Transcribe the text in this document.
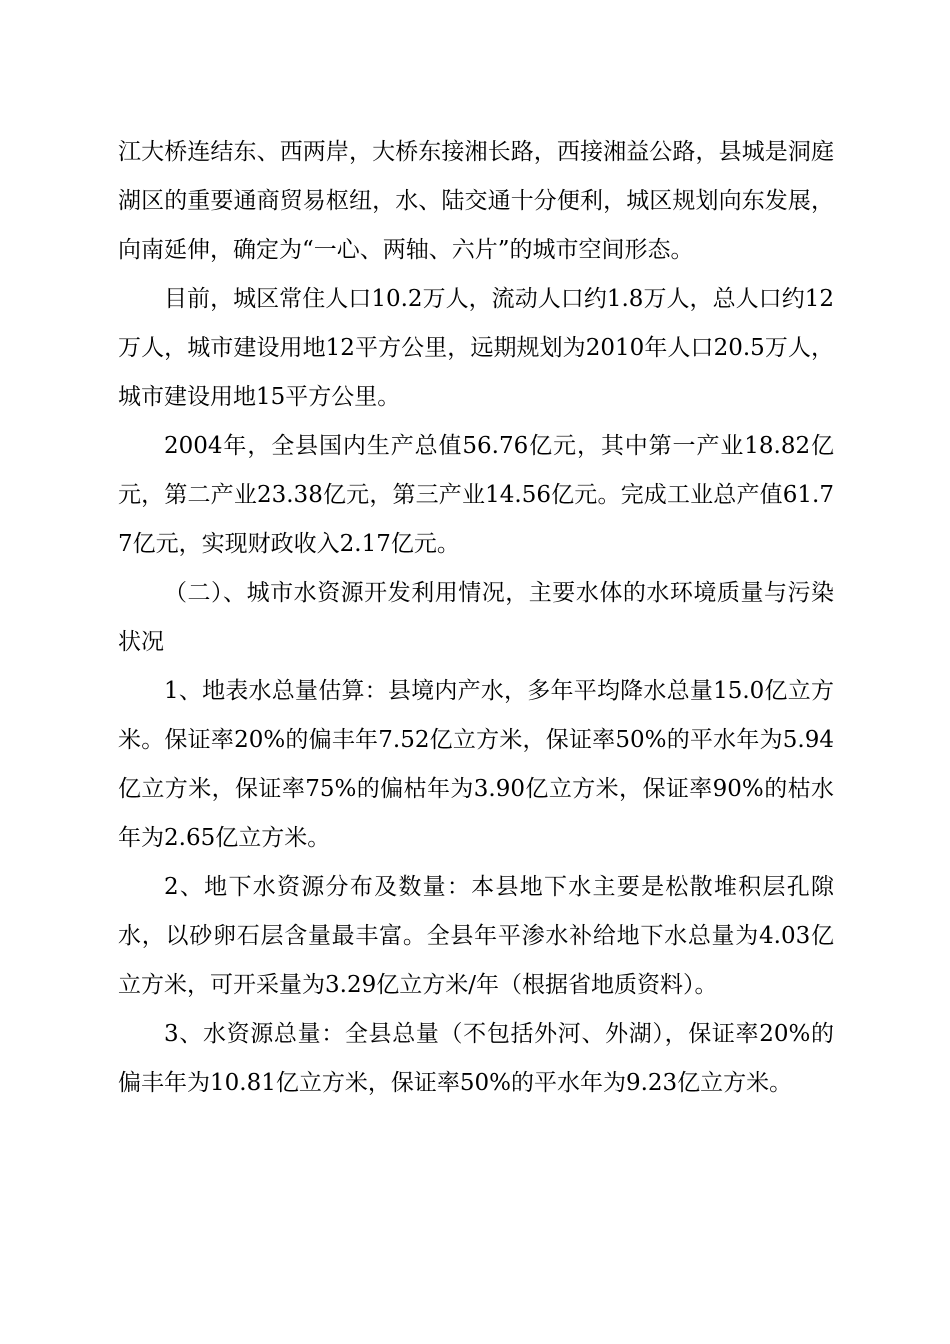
江大桥连结东、西两岸，大桥东接湘长路，西接湘益公路，县城是洞庭湖区的重要通商贸易枢纽，水、陆交通十分便利，城区规划向东发展，向南延伸，确定为“一心、两轴、六片”的城市空间形态。

目前，城区常住人口10.2万人，流动人口约1.8万人，总人口约12万人，城市建设用地12平方公里，远期规划为2010年人口20.5万人，城市建设用地15平方公里。

2004年，全县国内生产总值56.76亿元，其中第一产业18.82亿元，第二产业23.38亿元，第三产业14.56亿元。完成工业总产值61.77亿元，实现财政收入2.17亿元。

（二）、城市水资源开发利用情况，主要水体的水环境质量与污染状况

1、地表水总量估算：县境内产水，多年平均降水总量15.0亿立方米。保证率20%的偏丰年7.52亿立方米，保证率50%的平水年为5.94亿立方米，保证率75%的偏枯年为3.90亿立方米，保证率90%的枯水年为2.65亿立方米。

2、地下水资源分布及数量：本县地下水主要是松散堆积层孔隙水，以砂卵石层含量最丰富。全县年平渗水补给地下水总量为4.03亿立方米，可开采量为3.29亿立方米/年（根据省地质资料）。

3、水资源总量：全县总量（不包括外河、外湖），保证率20%的偏丰年为10.81亿立方米，保证率50%的平水年为9.23亿立方米。
